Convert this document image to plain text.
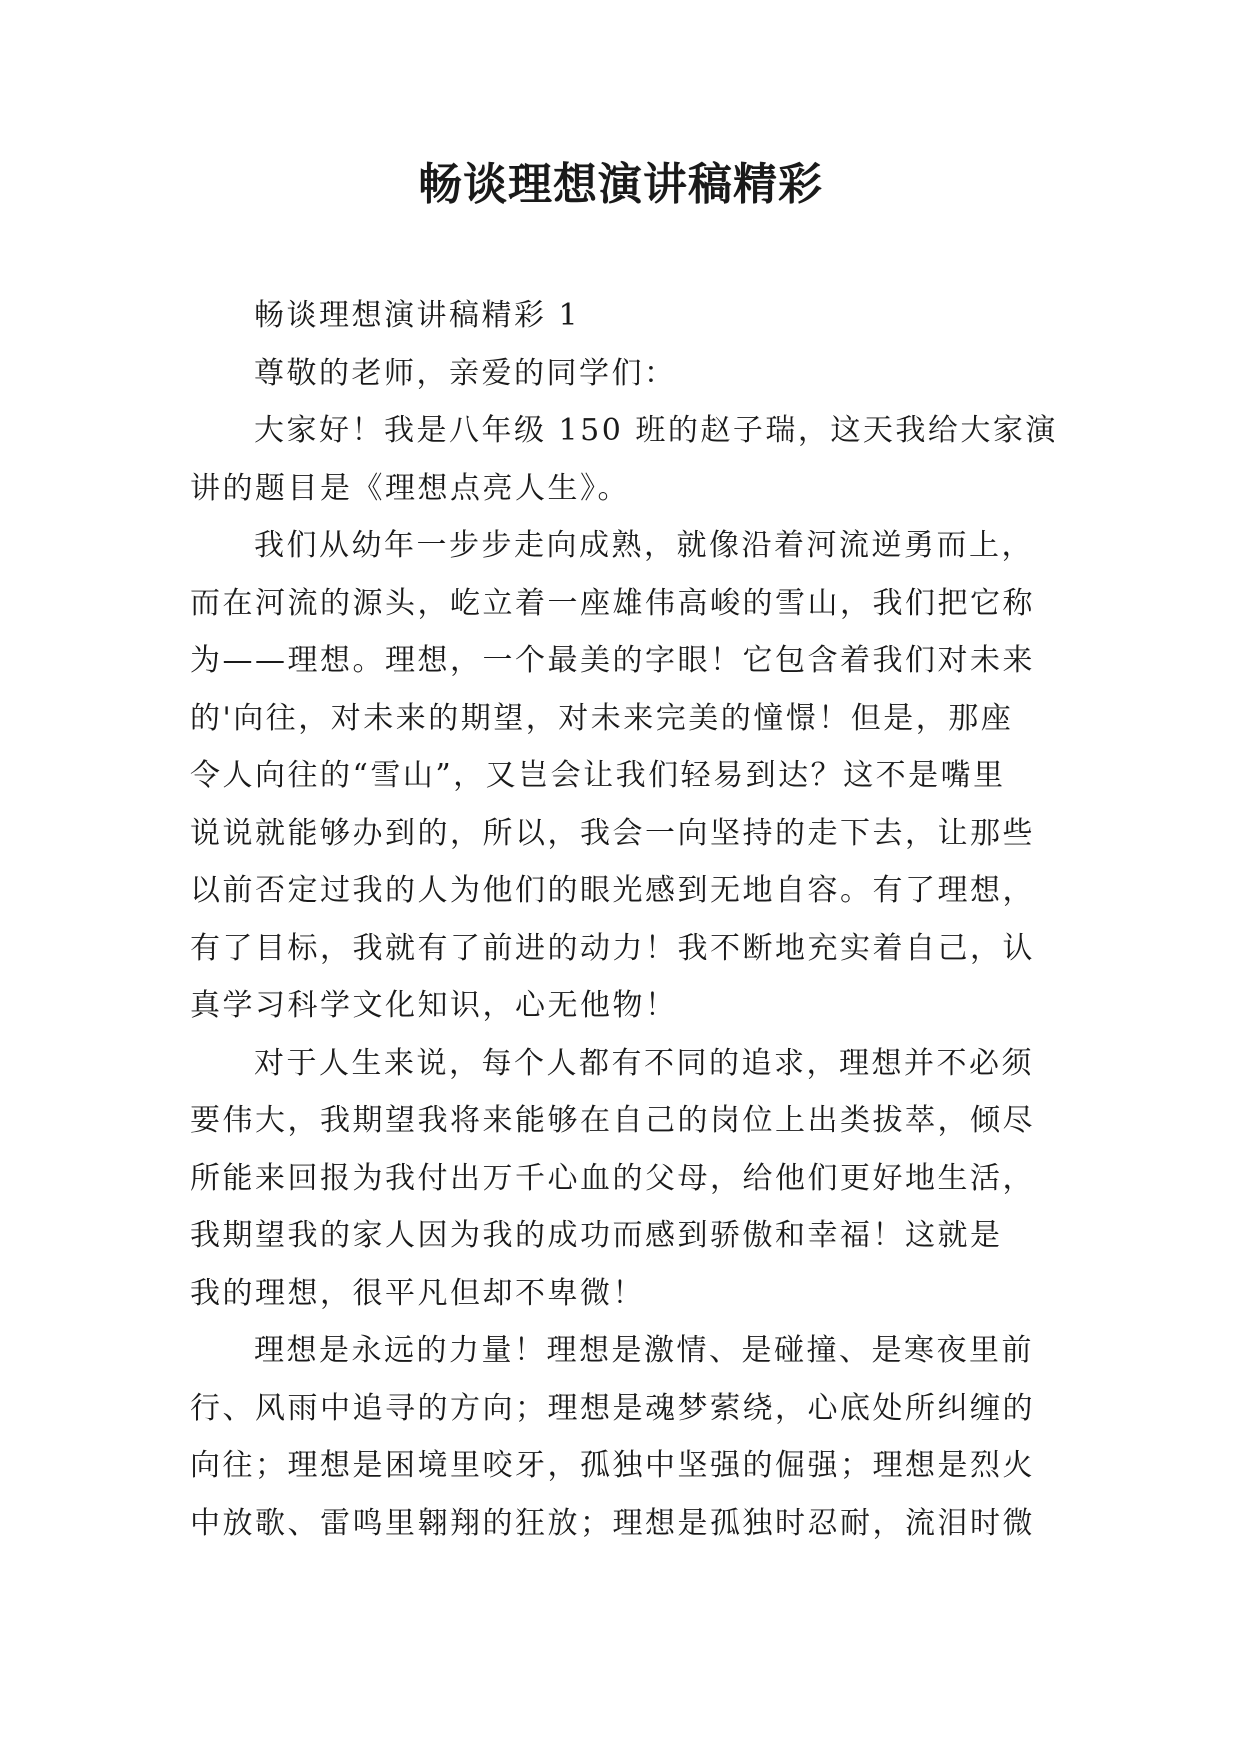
畅谈理想演讲稿精彩
畅谈理想演讲稿精彩 1
尊敬的老师，亲爱的同学们：
大家好！我是八年级 150 班的赵子瑞，这天我给大家演
讲的题目是《理想点亮人生》。
我们从幼年一步步走向成熟，就像沿着河流逆勇而上，
而在河流的源头，屹立着一座雄伟高峻的雪山，我们把它称
为——理想。理想，一个最美的字眼！它包含着我们对未来
的'向往，对未来的期望，对未来完美的憧憬！但是，那座
令人向往的“雪山”，又岂会让我们轻易到达？这不是嘴里
说说就能够办到的，所以，我会一向坚持的走下去，让那些
以前否定过我的人为他们的眼光感到无地自容。有了理想，
有了目标，我就有了前进的动力！我不断地充实着自己，认
真学习科学文化知识，心无他物！
对于人生来说，每个人都有不同的追求，理想并不必须
要伟大，我期望我将来能够在自己的岗位上出类拔萃，倾尽
所能来回报为我付出万千心血的父母，给他们更好地生活，
我期望我的家人因为我的成功而感到骄傲和幸福！这就是
我的理想，很平凡但却不卑微！
理想是永远的力量！理想是激情、是碰撞、是寒夜里前
行、风雨中追寻的方向；理想是魂梦萦绕，心底处所纠缠的
向往；理想是困境里咬牙，孤独中坚强的倔强；理想是烈火
中放歌、雷鸣里翱翔的狂放；理想是孤独时忍耐，流泪时微
